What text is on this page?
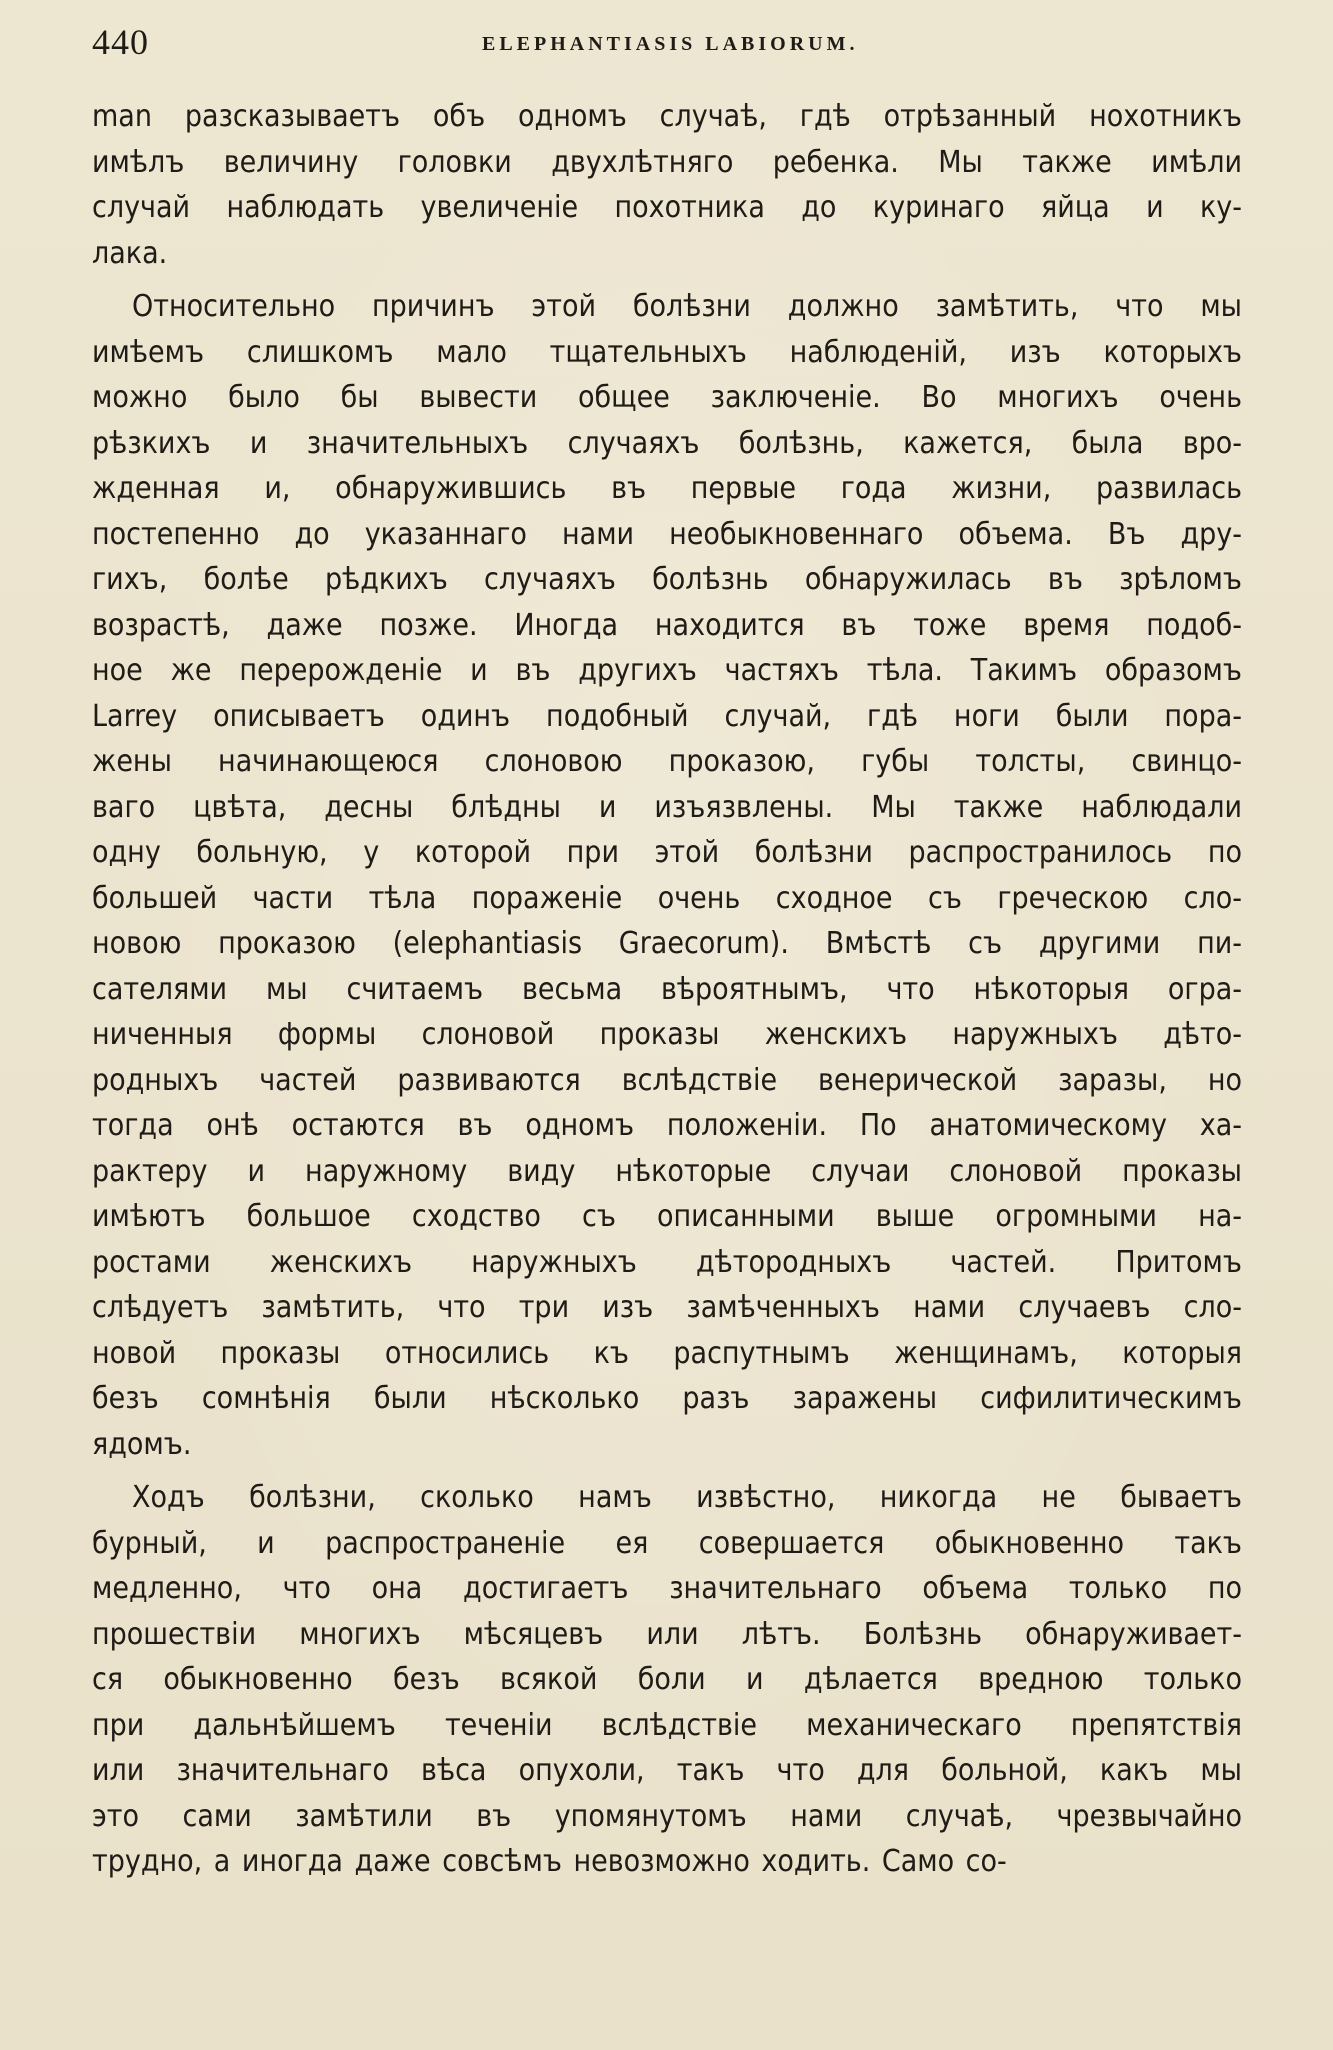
440	ELEPHANTIASIS LABIORUM.
man разсказываетъ объ одномъ случаѣ, гдѣ отрѣзанный нохотникъ
имѣлъ величину головки двухлѣтняго ребенка. Мы также имѣли
случай наблюдать увеличеніе похотника до куринаго яйца и ку-
лака.
Относительно причинъ этой болѣзни должно замѣтить, что мы
имѣемъ слишкомъ мало тщательныхъ наблюденій, изъ которыхъ
можно было бы вывести общее заключеніе. Во многихъ очень
рѣзкихъ и значительныхъ случаяхъ болѣзнь, кажется, была вро-
жденная и, обнаружившись въ первые года жизни, развилась
постепенно до указаннаго нами необыкновеннаго объема. Въ дру-
гихъ, болѣе рѣдкихъ случаяхъ болѣзнь обнаружилась въ зрѣломъ
возрастѣ, даже позже. Иногда находится въ тоже время подоб-
ное же перерожденіе и въ другихъ частяхъ тѣла. Такимъ образомъ
Larrey описываетъ одинъ подобный случай, гдѣ ноги были пора-
жены начинающеюся слоновою проказою, губы толсты, свинцо-
ваго цвѣта, десны блѣдны и изъязвлены. Мы также наблюдали
одну больную, у которой при этой болѣзни распространилось по
большей части тѣла пораженіе очень сходное съ греческою сло-
новою проказою (elephantiasis Graecorum). Вмѣстѣ съ другими пи-
сателями мы считаемъ весьма вѣроятнымъ, что нѣкоторыя огра-
ниченныя формы слоновой проказы женскихъ наружныхъ дѣто-
родныхъ частей развиваются вслѣдствіе венерической заразы, но
тогда онѣ остаются въ одномъ положеніи. По анатомическому ха-
рактеру и наружному виду нѣкоторые случаи слоновой проказы
имѣютъ большое сходство съ описанными выше огромными на-
ростами женскихъ наружныхъ дѣтородныхъ частей. Притомъ
слѣдуетъ замѣтить, что три изъ замѣченныхъ нами случаевъ сло-
новой проказы относились къ распутнымъ женщинамъ, которыя
безъ сомнѣнія были нѣсколько разъ заражены сифилитическимъ
ядомъ.
Ходъ болѣзни, сколько намъ извѣстно, никогда не бываетъ
бурный, и распространеніе ея совершается обыкновенно такъ
медленно, что она достигаетъ значительнаго объема только по
прошествіи многихъ мѣсяцевъ или лѣтъ. Болѣзнь обнаруживает-
ся обыкновенно безъ всякой боли и дѣлается вредною только
при дальнѣйшемъ теченіи вслѣдствіе механическаго препятствія
или значительнаго вѣса опухоли, такъ что для больной, какъ мы
это сами замѣтили въ упомянутомъ нами случаѣ, чрезвычайно
трудно, а иногда даже совсѣмъ невозможно ходить. Само со-
